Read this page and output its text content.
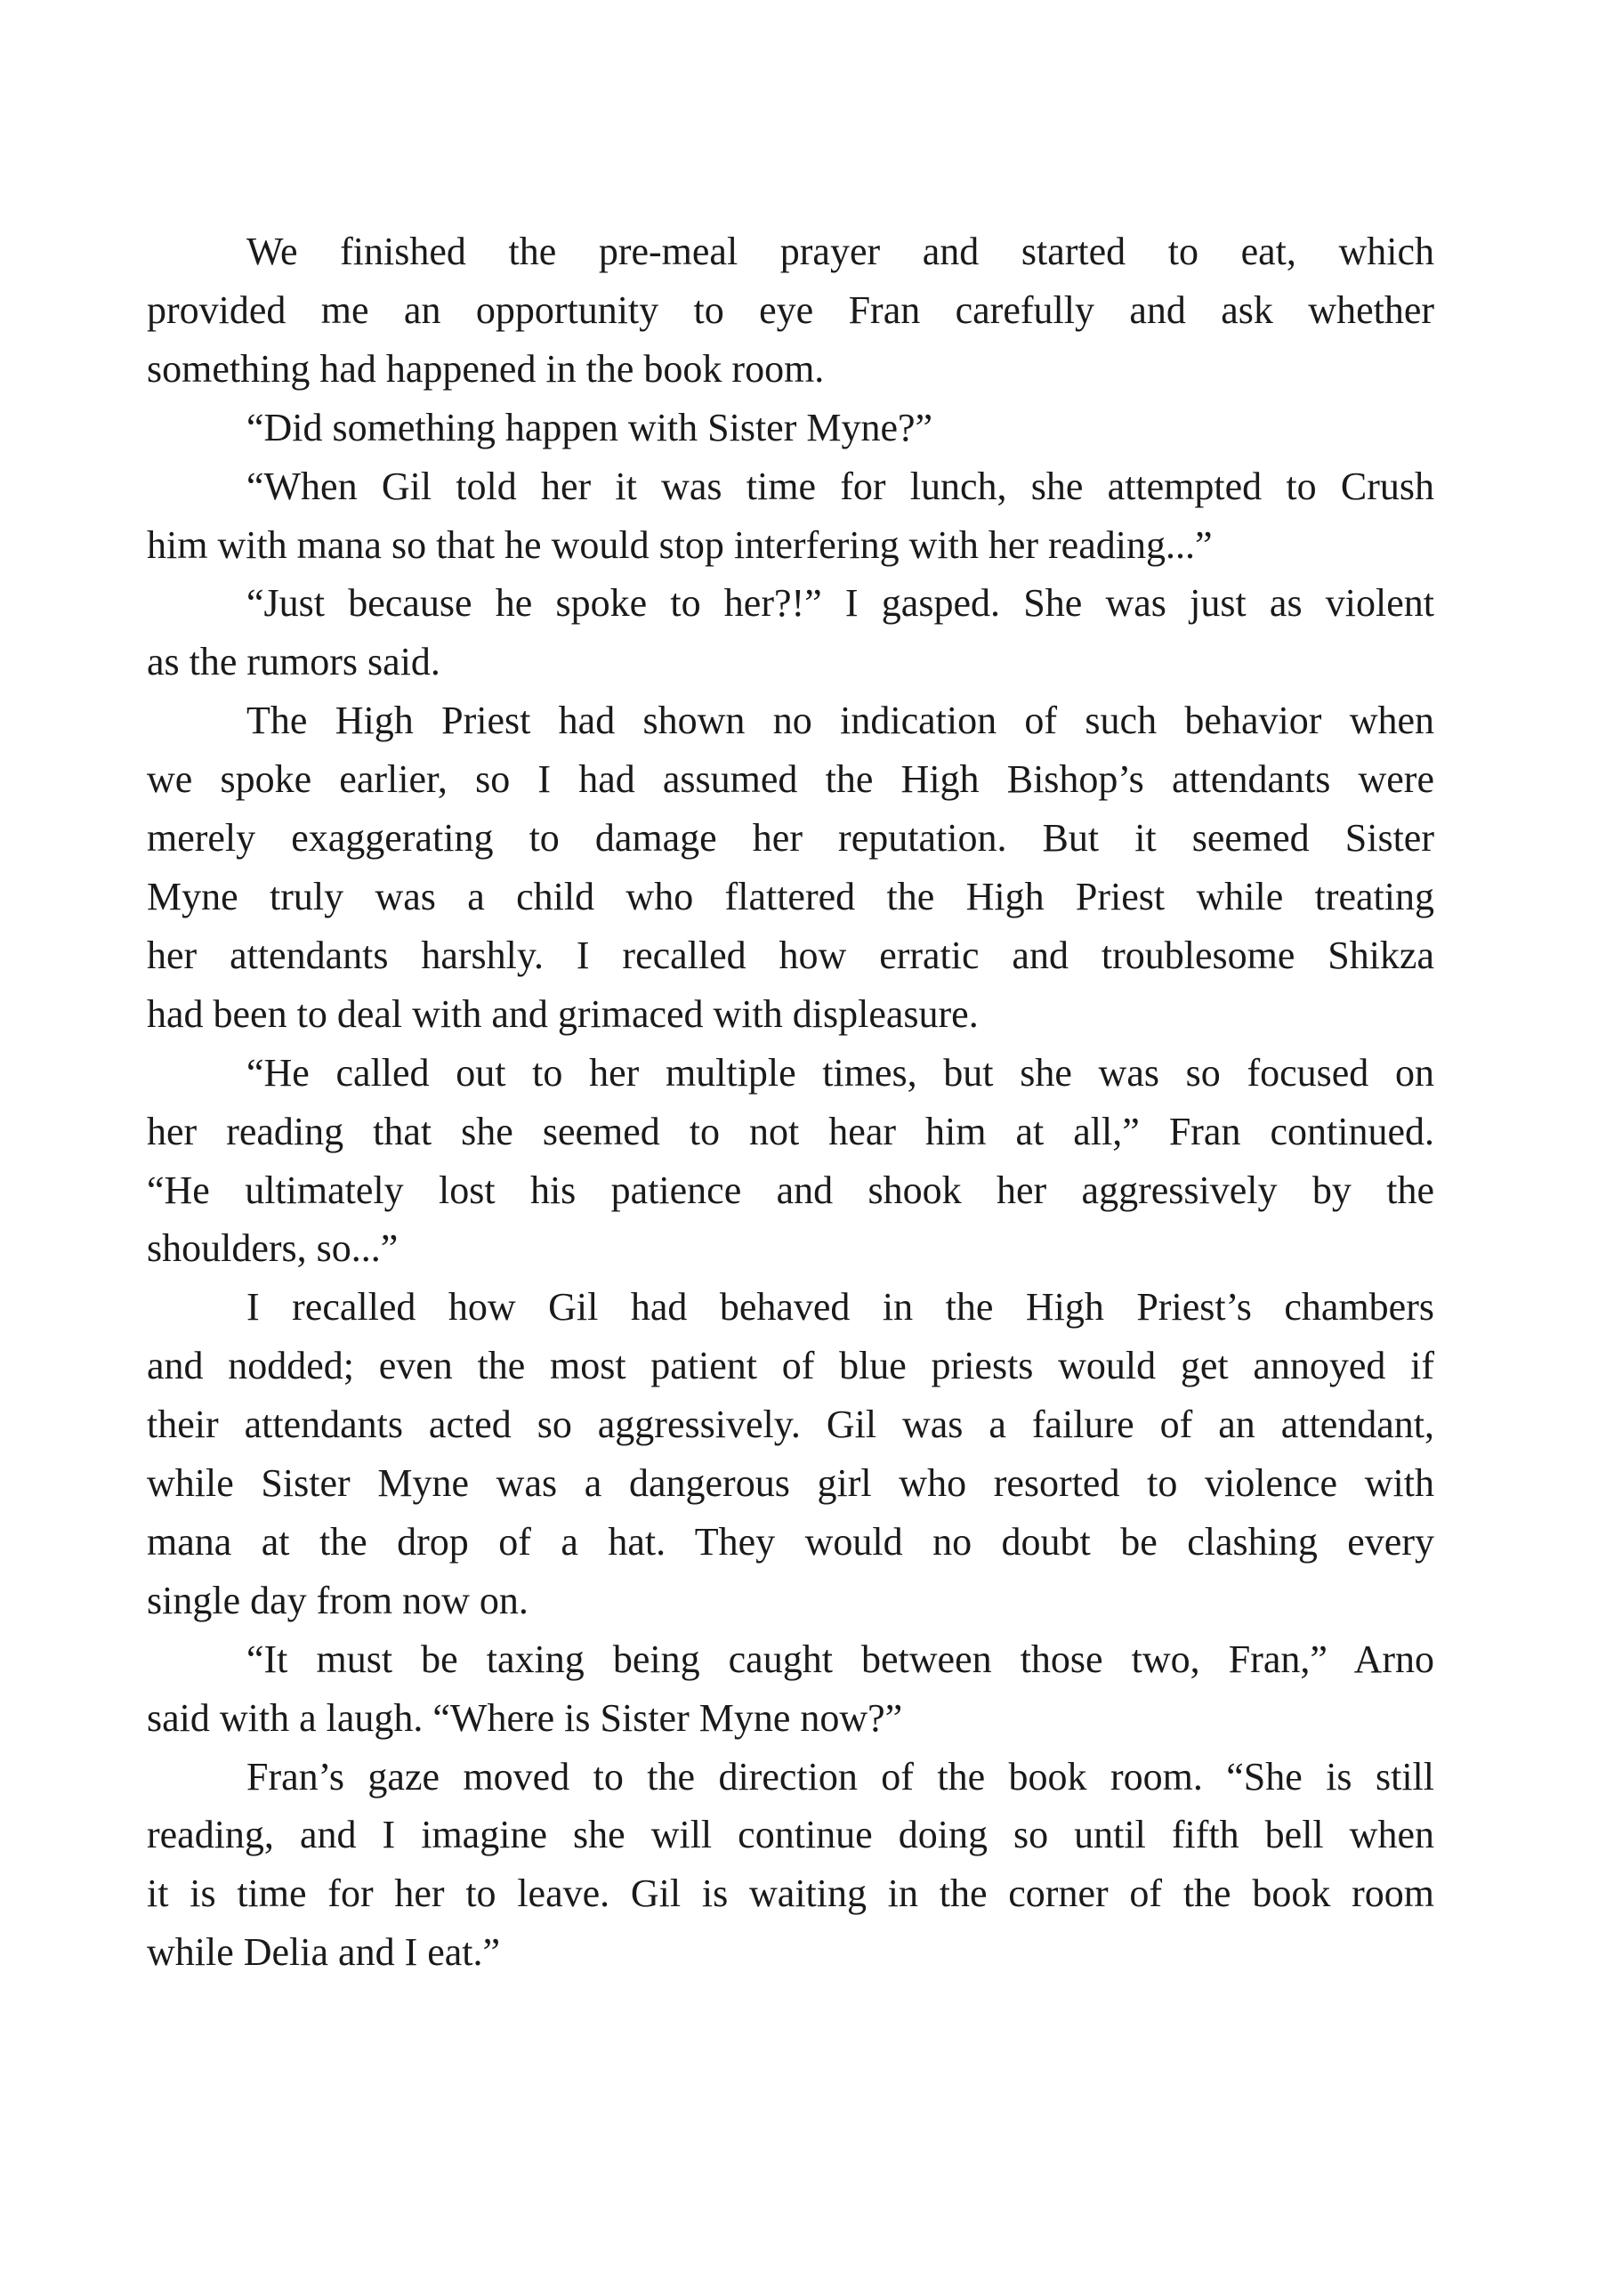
We finished the pre-meal prayer and started to eat, which
provided me an opportunity to eye Fran carefully and ask whether
something had happened in the book room.
“Did something happen with Sister Myne?”
“When Gil told her it was time for lunch, she attempted to Crush
him with mana so that he would stop interfering with her reading...”
“Just because he spoke to her?!” I gasped. She was just as violent
as the rumors said.
The High Priest had shown no indication of such behavior when
we spoke earlier, so I had assumed the High Bishop’s attendants were
merely exaggerating to damage her reputation. But it seemed Sister
Myne truly was a child who flattered the High Priest while treating
her attendants harshly. I recalled how erratic and troublesome Shikza
had been to deal with and grimaced with displeasure.
“He called out to her multiple times, but she was so focused on
her reading that she seemed to not hear him at all,” Fran continued.
“He ultimately lost his patience and shook her aggressively by the
shoulders, so...”
I recalled how Gil had behaved in the High Priest’s chambers
and nodded; even the most patient of blue priests would get annoyed if
their attendants acted so aggressively. Gil was a failure of an attendant,
while Sister Myne was a dangerous girl who resorted to violence with
mana at the drop of a hat. They would no doubt be clashing every
single day from now on.
“It must be taxing being caught between those two, Fran,” Arno
said with a laugh. “Where is Sister Myne now?”
Fran’s gaze moved to the direction of the book room. “She is still
reading, and I imagine she will continue doing so until fifth bell when
it is time for her to leave. Gil is waiting in the corner of the book room
while Delia and I eat.”
